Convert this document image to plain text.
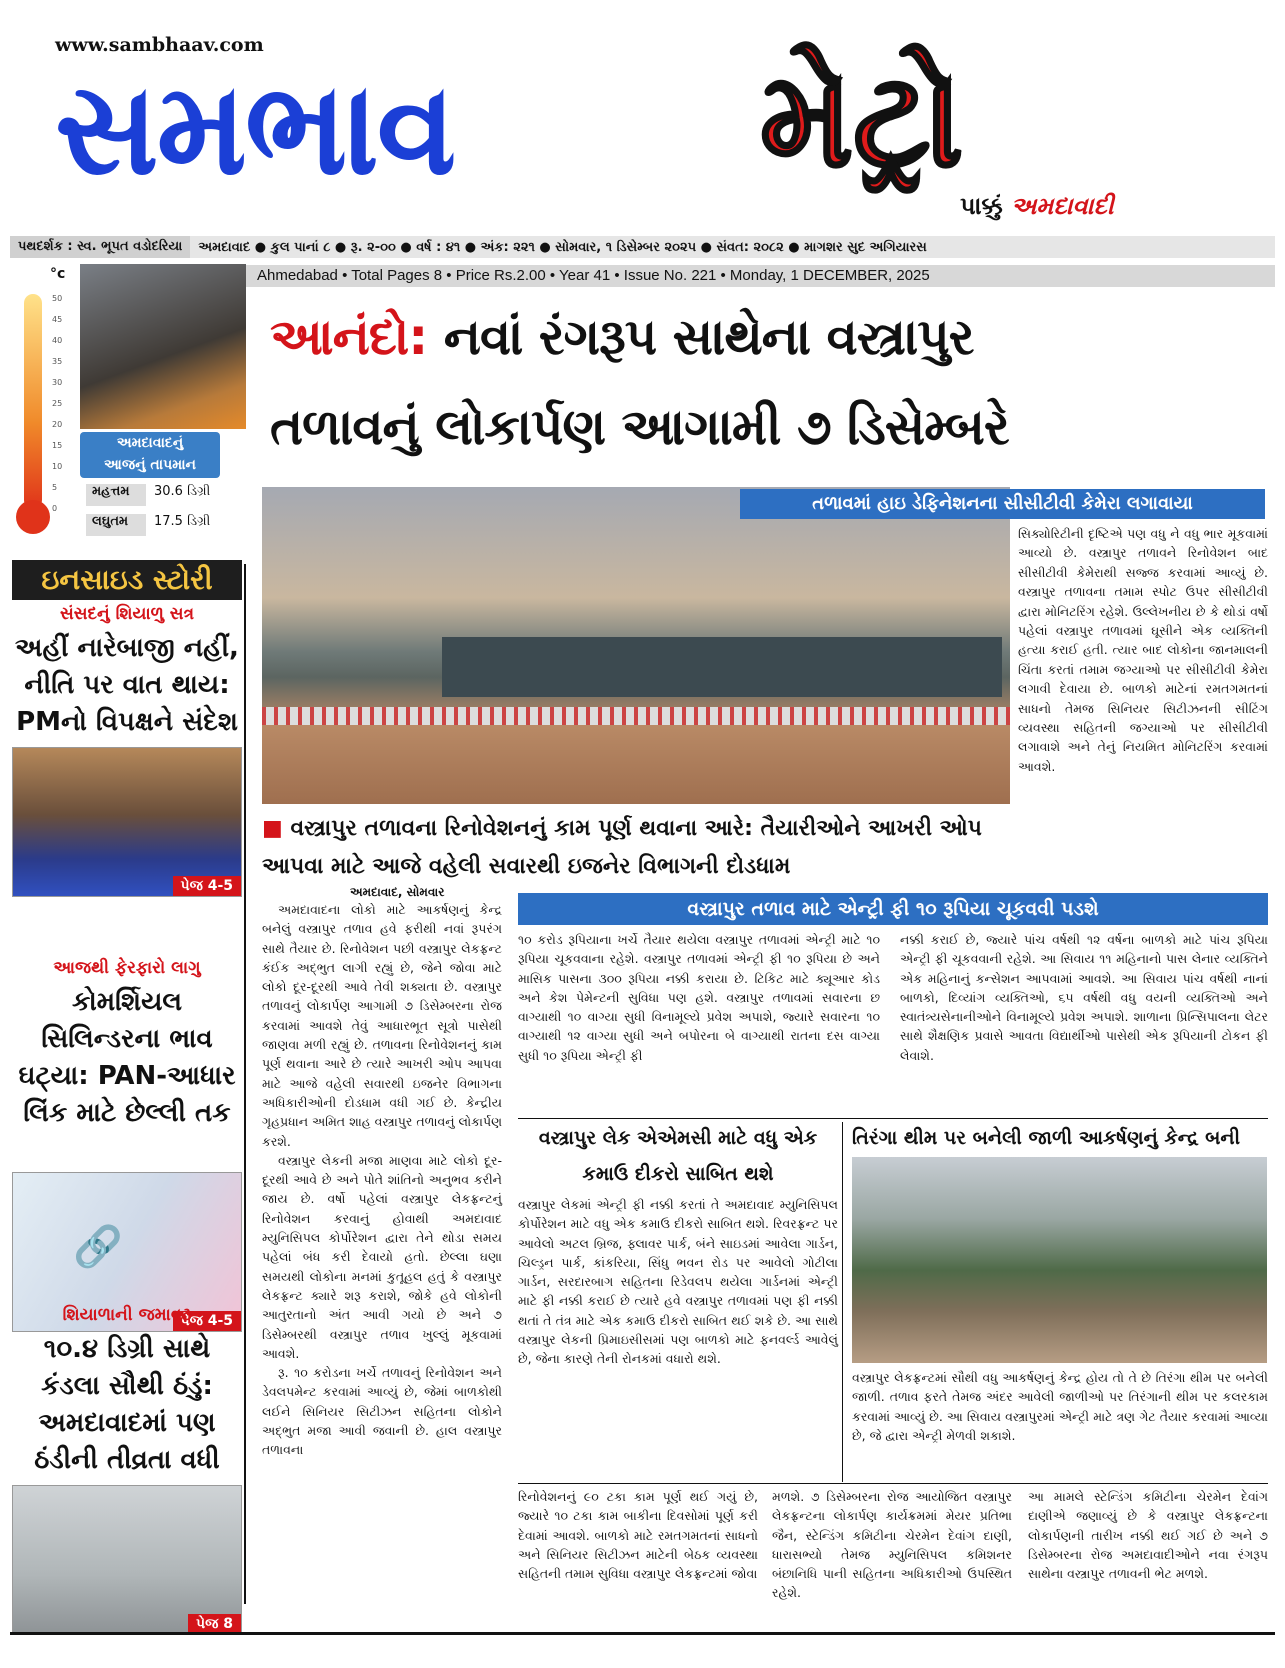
www.sambhaav.com
સમભાવ મેટ્રો
પાક્કું અમદાવાદી
પથદર્શક : સ્વ. ભૂપત વડોદરિયા	અમદાવાદ ● કુલ પાનાં ૮ ● રૂ. ૨-૦૦ ● વર્ષ : ૪૧ ● અંક: ૨૨૧ ● સોમવાર, ૧ ડિસેમ્બર ૨૦૨૫ ● સંવત: ૨૦૮૨ ● માગશર સુદ અગિયારસ
Ahmedabad • Total Pages 8 • Price Rs.2.00 • Year 41 • Issue No. 221 • Monday, 1 DECEMBER, 2025
આનંદો: નવાં રંગરૂપ સાથેના વસ્ત્રાપુર
તળાવનું લોકાર્પણ આગામી ૭ ડિસેમ્બરે
°c
અમદાવાદનું
આજનું તાપમાન
મહત્તમ	30.6 ડિગ્રી
લઘુતમ	17.5 ડિગ્રી
50
45
40
35
30
25
20
15
10
5
0
ઇનસાઇડ સ્ટોરી
સંસદનું શિયાળુ સત્ર
અહીં નારેબાજી નહીં, નીતિ પર વાત થાય: PMનો વિપક્ષને સંદેશ
પેજ 4-5
આજથી ફેરફારો લાગુ
કોમર્શિયલ સિલિન્ડરના ભાવ ઘટ્યા: PAN-આધાર લિંક માટે છેલ્લી તક
🔗
પેજ 4-5
શિયાળાની જમાવટ
૧૦.૪ ડિગ્રી સાથે કંડલા સૌથી ઠંડું: અમદાવાદમાં પણ ઠંડીની તીવ્રતા વધી
પેજ 8
તળાવમાં હાઇ ડેફિનેશનના સીસીટીવી કેમેરા લગાવાયા
સિક્યોરિટીની દૃષ્ટિએ પણ વધુ ને વધુ ભાર મૂકવામાં આવ્યો છે. વસ્ત્રાપુર તળાવને રિનોવેશન બાદ સીસીટીવી કેમેરાથી સજ્જ કરવામાં આવ્યું છે. વસ્ત્રાપુર તળાવના તમામ સ્પોટ ઉપર સીસીટીવી દ્વારા મોનિટરિંગ રહેશે. ઉલ્લેખનીય છે કે થોડાં વર્ષો પહેલાં વસ્ત્રાપુર તળાવમાં ઘૂસીને એક વ્યક્તિની હત્યા કરાઈ હતી. ત્યાર બાદ લોકોના જાનમાલની ચિંતા કરતાં તમામ જગ્યાઓ પર સીસીટીવી કેમેરા લગાવી દેવાયા છે. બાળકો માટેનાં રમતગમતનાં સાધનો તેમજ સિનિયર સિટીઝનની સીટિંગ વ્યવસ્થા સહિતની જગ્યાઓ પર સીસીટીવી લગાવાશે અને તેનું નિયમિત મોનિટરિંગ કરવામાં આવશે.
■ વસ્ત્રાપુર તળાવના રિનોવેશનનું કામ પૂર્ણ થવાના આરે: તૈયારીઓને આખરી ઓપ આપવા માટે આજે વહેલી સવારથી ઇજનેર વિભાગની દોડધામ
અમદાવાદ, સોમવાર

અમદાવાદના લોકો માટે આકર્ષણનું કેન્દ્ર બનેલું વસ્ત્રાપુર તળાવ હવે ફરીથી નવાં રૂપરંગ સાથે તૈયાર છે. રિનોવેશન પછી વસ્ત્રાપુર લેકફ્રન્ટ કંઈક અદ્ભુત લાગી રહ્યું છે, જેને જોવા માટે લોકો દૂર-દૂરથી આવે તેવી શક્યતા છે. વસ્ત્રાપુર તળાવનું લોકાર્પણ આગામી ૭ ડિસેમ્બરના રોજ કરવામાં આવશે તેવું આધારભૂત સૂત્રો પાસેથી જાણવા મળી રહ્યું છે. તળાવના રિનોવેશનનું કામ પૂર્ણ થવાના આરે છે ત્યારે આખરી ઓપ આપવા માટે આજે વહેલી સવારથી ઇજનેર વિભાગના અધિકારીઓની દોડધામ વધી ગઈ છે. કેન્દ્રીય ગૃહપ્રધાન અમિત શાહ વસ્ત્રાપુર તળાવનું લોકાર્પણ કરશે.

વસ્ત્રાપુર લેકની મજા માણવા માટે લોકો દૂર-દૂરથી આવે છે અને પોતે શાંતિનો અનુભવ કરીને જાય છે. વર્ષો પહેલાં વસ્ત્રાપુર લેકફ્રન્ટનું રિનોવેશન કરવાનું હોવાથી અમદાવાદ મ્યુનિસિપલ કોર્પોરેશન દ્વારા તેને થોડા સમય પહેલાં બંધ કરી દેવાયો હતો. છેલ્લા ઘણા સમયથી લોકોના મનમાં કુતૂહલ હતું કે વસ્ત્રાપુર લેકફ્રન્ટ ક્યારે શરૂ કરાશે, જોકે હવે લોકોની આતુરતાનો અંત આવી ગયો છે અને ૭ ડિસેમ્બરથી વસ્ત્રાપુર તળાવ ખુલ્લું મૂકવામાં આવશે.

રૂ. ૧૦ કરોડના ખર્ચે તળાવનું રિનોવેશન અને ડેવલપમેન્ટ કરવામાં આવ્યું છે, જેમાં બાળકોથી લઈને સિનિયર સિટીઝન સહિતના લોકોને અદ્ભુત મજા આવી જવાની છે. હાલ વસ્ત્રાપુર તળાવના

વસ્ત્રાપુર તળાવ માટે એન્ટ્રી ફી ૧૦ રૂપિયા ચૂકવવી પડશે
૧૦ કરોડ રૂપિયાના ખર્ચે તૈયાર થયેલા વસ્ત્રાપુર તળાવમાં એન્ટ્રી માટે ૧૦ રૂપિયા ચૂકવવાના રહેશે. વસ્ત્રાપુર તળાવમાં એન્ટ્રી ફી ૧૦ રૂપિયા છે અને માસિક પાસના ૩૦૦ રૂપિયા નક્કી કરાયા છે. ટિકિટ માટે ક્યૂઆર કોડ અને કેશ પેમેન્ટની સુવિધા પણ હશે. વસ્ત્રાપુર તળાવમાં સવારના છ વાગ્યાથી ૧૦ વાગ્યા સુધી વિનામૂલ્યે પ્રવેશ અપાશે, જ્યારે સવારના ૧૦ વાગ્યાથી ૧૨ વાગ્યા સુધી અને બપોરના બે વાગ્યાથી રાતના દસ વાગ્યા સુધી ૧૦ રૂપિયા એન્ટ્રી ફી
નક્કી કરાઈ છે, જ્યારે પાંચ વર્ષથી ૧૨ વર્ષના બાળકો માટે પાંચ રૂપિયા એન્ટ્રી ફી ચૂકવવાની રહેશે. આ સિવાય ૧૧ મહિનાનો પાસ લેનાર વ્યક્તિને એક મહિનાનું કન્સેશન આપવામાં આવશે. આ સિવાય પાંચ વર્ષથી નાનાં બાળકો, દિવ્યાંગ વ્યક્તિઓ, ૬૫ વર્ષથી વધુ વયની વ્યક્તિઓ અને સ્વાતંત્ર્યસેનાનીઓને વિનામૂલ્યે પ્રવેશ અપાશે. શાળાના પ્રિન્સિપાલના લેટર સાથે શૈક્ષણિક પ્રવાસે આવતા વિદ્યાર્થીઓ પાસેથી એક રૂપિયાની ટોકન ફી લેવાશે.
વસ્ત્રાપુર લેક એએમસી માટે વધુ એક કમાઉ દીકરો સાબિત થશે
વસ્ત્રાપુર લેકમાં એન્ટ્રી ફી નક્કી કરતાં તે અમદાવાદ મ્યુનિસિપલ કોર્પોરેશન માટે વધુ એક કમાઉ દીકરો સાબિત થશે. રિવરફ્રન્ટ પર આવેલો અટલ બ્રિજ, ફ્લાવર પાર્ક, બંને સાઇડમાં આવેલા ગાર્ડન, ચિલ્ડ્રન પાર્ક, કાંકરિયા, સિંધુ ભવન રોડ પર આવેલો ગોટીલા ગાર્ડન, સરદારબાગ સહિતના રિડેવલપ થયેલા ગાર્ડનમાં એન્ટ્રી માટે ફી નક્કી કરાઈ છે ત્યારે હવે વસ્ત્રાપુર તળાવમાં પણ ફી નક્કી થતાં તે તંત્ર માટે એક કમાઉ દીકરો સાબિત થઈ શકે છે. આ સાથે વસ્ત્રાપુર લેકની પ્રિમાઇસીસમાં પણ બાળકો માટે ફનવર્લ્ડ આવેલું છે, જેના કારણે તેની રોનકમાં વધારો થશે.
તિરંગા થીમ પર બનેલી જાળી આકર્ષણનું કેન્દ્ર બની
વસ્ત્રાપુર લેકફ્રન્ટમાં સૌથી વધુ આકર્ષણનું કેન્દ્ર હોય તો તે છે તિરંગા થીમ પર બનેલી જાળી. તળાવ ફરતે તેમજ અંદર આવેલી જાળીઓ પર તિરંગાની થીમ પર કલરકામ કરવામાં આવ્યું છે. આ સિવાય વસ્ત્રાપુરમાં એન્ટ્રી માટે ત્રણ ગેટ તૈયાર કરવામાં આવ્યા છે, જે દ્વારા એન્ટ્રી મેળવી શકાશે.
રિનોવેશનનું ૯૦ ટકા કામ પૂર્ણ થઈ ગયું છે, જ્યારે ૧૦ ટકા કામ બાકીના દિવસોમાં પૂર્ણ કરી દેવામાં આવશે. બાળકો માટે રમતગમતનાં સાધનો અને સિનિયર સિટીઝન માટેની બેઠક વ્યવસ્થા સહિતની તમામ સુવિધા વસ્ત્રાપુર લેકફ્રન્ટમાં જોવા
મળશે. ૭ ડિસેમ્બરના રોજ આયોજિત વસ્ત્રાપુર લેકફ્રન્ટના લોકાર્પણ કાર્યક્રમમાં મેયર પ્રતિભા જૈન, સ્ટેન્ડિંગ કમિટીના ચેરમેન દેવાંગ દાણી, ધારાસભ્યો તેમજ મ્યુનિસિપલ કમિશનર બંછાનિધિ પાની સહિતના અધિકારીઓ ઉપસ્થિત રહેશે.
આ મામલે સ્ટેન્ડિંગ કમિટીના ચેરમેન દેવાંગ દાણીએ જણાવ્યું છે કે વસ્ત્રાપુર લેકફ્રન્ટના લોકાર્પણની તારીખ નક્કી થઈ ગઈ છે અને ૭ ડિસેમ્બરના રોજ અમદાવાદીઓને નવા રંગરૂપ સાથેના વસ્ત્રાપુર તળાવની ભેટ મળશે.
